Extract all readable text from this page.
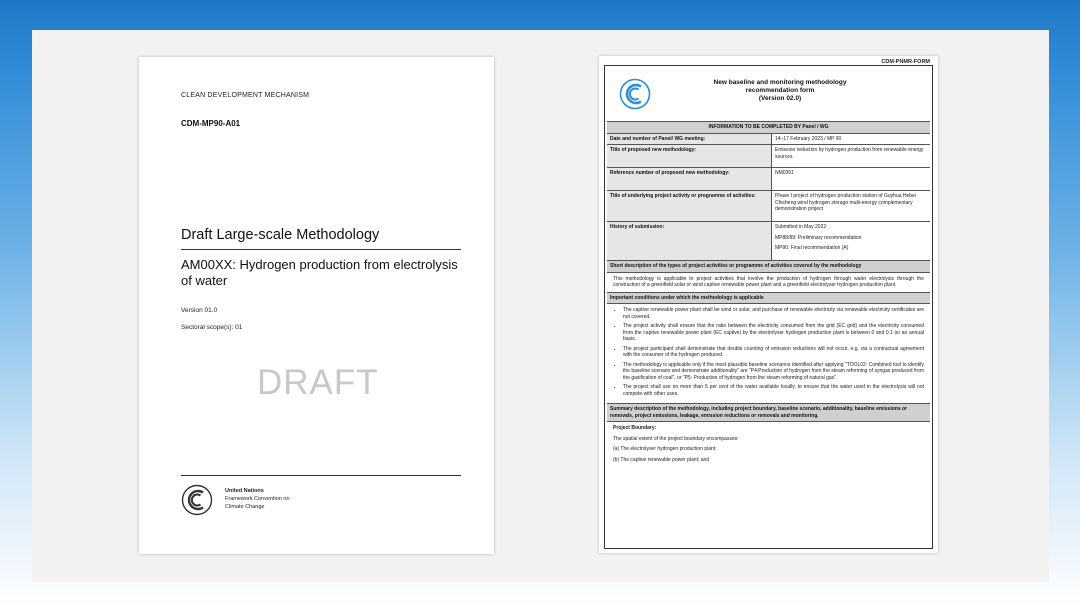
CLEAN DEVELOPMENT MECHANISM
CDM-MP90-A01
Draft Large-scale Methodology
AM00XX: Hydrogen production from electrolysis of water
Version 01.0
Sectoral scope(s): 01
DRAFT
United Nations
Framework Convention on
Climate Change
CDM-PNMR-FORM
New baseline and monitoring methodology
recommendation form
(Version 02.0)
INFORMATION TO BE COMPLETED BY Panel / WG
Date and number of Panel/ WG meeting:	14–17 February 2023 / MP 90
Title of proposed new methodology:	Emission reduction by hydrogen production from renewable energy sources
Reference number of proposed new methodology:	NM0361
Title of underlying project activity or programme of activities:	Phase I project of hydrogen production station of Guyhua Hebei Chicheng wind hydrogen storage multi-energy complementary demonstration project
History of submission:	Submitted in May 2022
MP88/89: Preliminary recommendation
MP90: Final recommendation (A)
Short description of the types of project activities or programme of activities covered by the methodology
This methodology is applicable to project activities that involve the production of hydrogen through water electrolysis through the construction of a greenfield solar or wind captive renewable power plant and a greenfield electrolyser hydrogen production plant.
Important conditions under which the methodology is applicable
• The captive renewable power plant shall be wind or solar, and purchase of renewable electricity via renewable electricity certificates are not covered.
• The project activity shall ensure that the ratio between the electricity consumed from the grid (EC grid) and the electricity consumed from the captive renewable power plant (EC captive) by the electrolyser hydrogen production plant is between 0 and 0.1 on an annual basis.
• The project participant shall demonstrate that double counting of emission reductions will not occur, e.g. via a contractual agreement with the consumer of the hydrogen produced.
• The methodology is applicable only if the most plausible baseline scenarios identified after applying "TOOL02: Combined tool to identify the baseline scenario and demonstrate additionality" are "P4:Production of hydrogen from the steam reforming of syngas produced from the gasification of coal", or "P5: Production of hydrogen from the steam reforming of natural gas".
• The project shall use no more than 5 per cent of the water available locally, to ensure that the water used in the electrolysis will not compete with other uses.
Summary description of the methodology, including project boundary, baseline scenario, additionality, baseline emissions or removals, project emissions, leakage, emission reductions or removals and monitoring.
Project Boundary:
The spatial extent of the project boundary encompasses:
(a) The electrolyser hydrogen production plant;
(b) The captive renewable power plant; and
